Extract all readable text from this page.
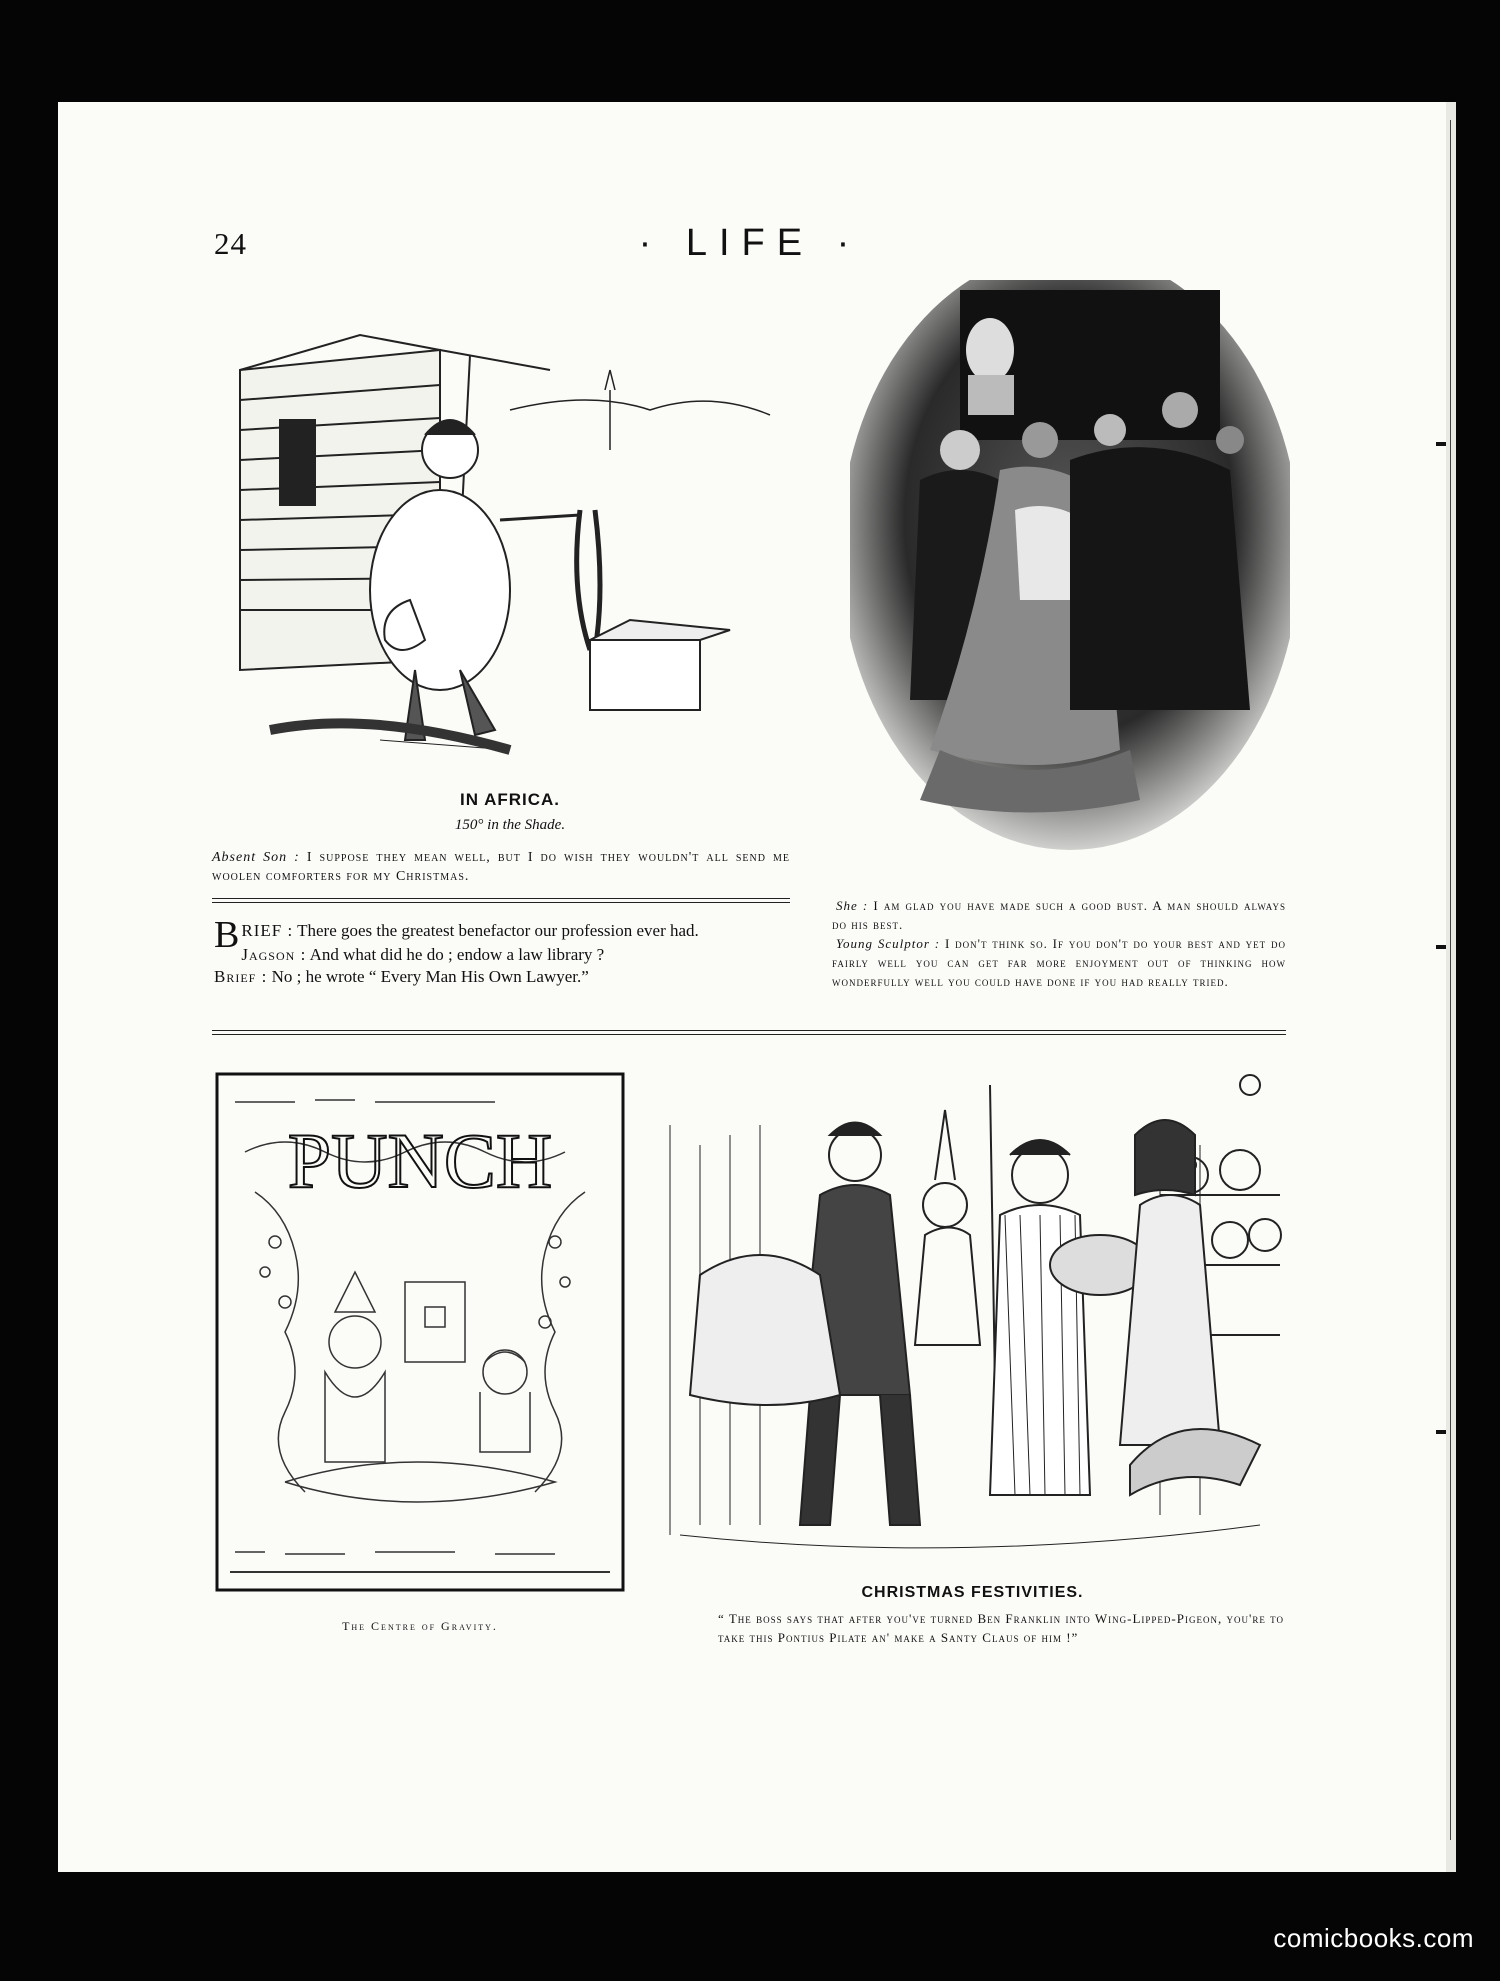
24	· LIFE ·
IN AFRICA.
150° in the Shade.
Absent Son : I suppose they mean well, but I do wish they wouldn't all send me woolen comforters for my Christmas.
B RIEF : There goes the greatest benefactor our profession ever had.
Jagson : And what did he do ; endow a law library ?
Brief : No ; he wrote “ Every Man His Own Lawyer.”
She : I am glad you have made such a good bust. A man should always do his best.
Young Sculptor : I don't think so. If you don't do your best and yet do fairly well you can get far more enjoyment out of thinking how wonderfully well you could have done if you had really tried.
PUNCH
The Centre of Gravity.
CHRISTMAS FESTIVITIES.
“ The boss says that after you've turned Ben Franklin into Wing-Lipped-Pigeon, you're to take this Pontius Pilate an' make a Santy Claus of him !”
comicbooks.com
